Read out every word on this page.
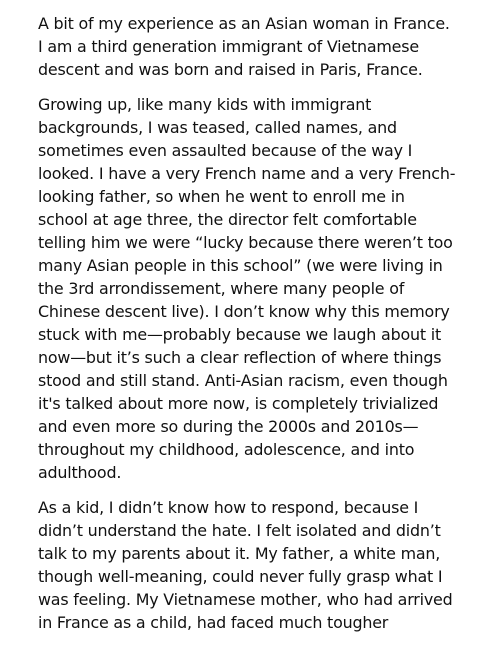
A bit of my experience as an Asian woman in France.
I am a third generation immigrant of Vietnamese
descent and was born and raised in Paris, France.

Growing up, like many kids with immigrant
backgrounds, I was teased, called names, and
sometimes even assaulted because of the way I
looked. I have a very French name and a very French-
looking father, so when he went to enroll me in
school at age three, the director felt comfortable
telling him we were “lucky because there weren’t too
many Asian people in this school” (we were living in
the 3rd arrondissement, where many people of
Chinese descent live). I don’t know why this memory
stuck with me—probably because we laugh about it
now—but it’s such a clear reflection of where things
stood and still stand. Anti-Asian racism, even though
it's talked about more now, is completely trivialized
and even more so during the 2000s and 2010s—
throughout my childhood, adolescence, and into
adulthood.

As a kid, I didn’t know how to respond, because I
didn’t understand the hate. I felt isolated and didn’t
talk to my parents about it. My father, a white man,
though well-meaning, could never fully grasp what I
was feeling. My Vietnamese mother, who had arrived
in France as a child, had faced much tougher
